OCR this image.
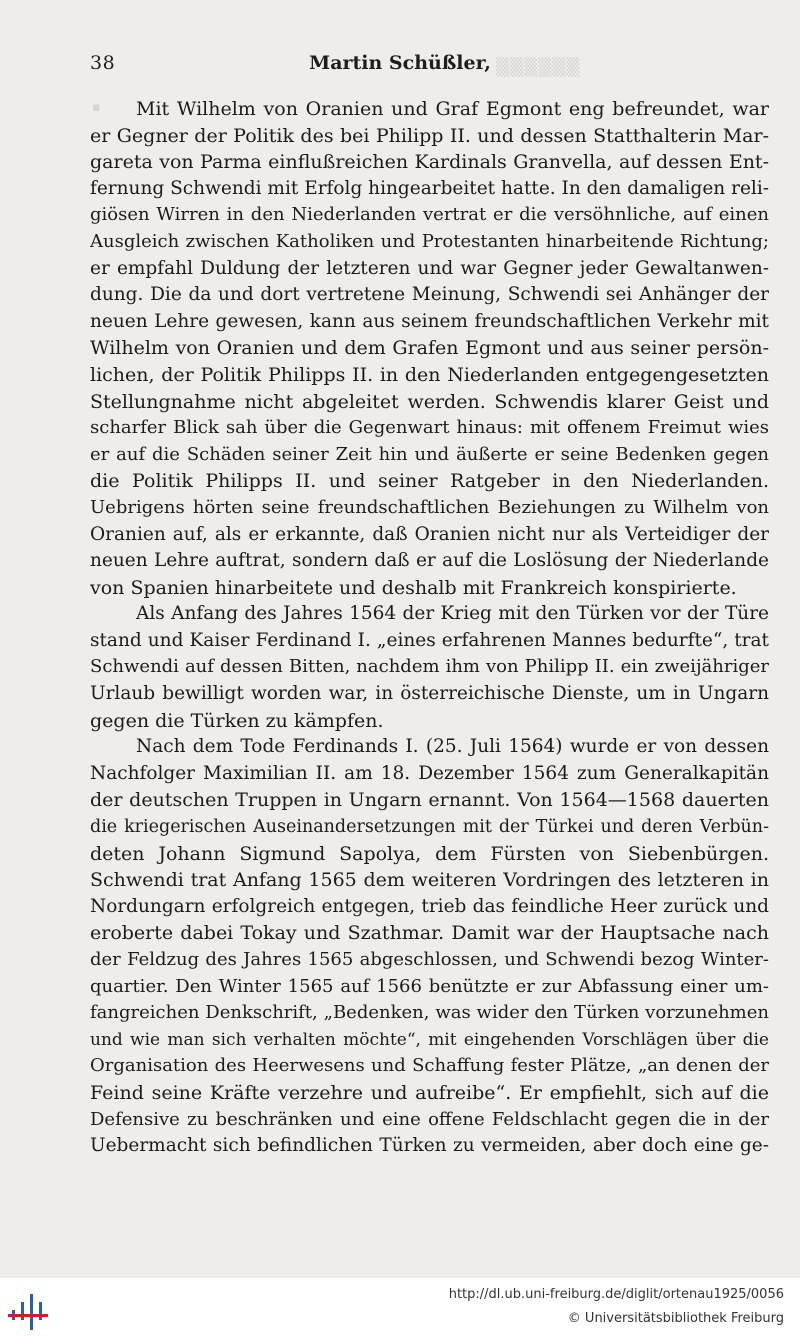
▒▒▒▒▒▒
▪
38	Martin Schüßler,
Mit Wilhelm von Oranien und Graf Egmont eng befreundet, war
er Gegner der Politik des bei Philipp II. und dessen Statthalterin Mar-
gareta von Parma einflußreichen Kardinals Granvella, auf dessen Ent-
fernung Schwendi mit Erfolg hingearbeitet hatte. In den damaligen reli-
giösen Wirren in den Niederlanden vertrat er die versöhnliche, auf einen
Ausgleich zwischen Katholiken und Protestanten hinarbeitende Richtung;
er empfahl Duldung der letzteren und war Gegner jeder Gewaltanwen-
dung. Die da und dort vertretene Meinung, Schwendi sei Anhänger der
neuen Lehre gewesen, kann aus seinem freundschaftlichen Verkehr mit
Wilhelm von Oranien und dem Grafen Egmont und aus seiner persön-
lichen, der Politik Philipps II. in den Niederlanden entgegengesetzten
Stellungnahme nicht abgeleitet werden. Schwendis klarer Geist und
scharfer Blick sah über die Gegenwart hinaus: mit offenem Freimut wies
er auf die Schäden seiner Zeit hin und äußerte er seine Bedenken gegen
die Politik Philipps II. und seiner Ratgeber in den Niederlanden.
Uebrigens hörten seine freundschaftlichen Beziehungen zu Wilhelm von
Oranien auf, als er erkannte, daß Oranien nicht nur als Verteidiger der
neuen Lehre auftrat, sondern daß er auf die Loslösung der Niederlande
von Spanien hinarbeitete und deshalb mit Frankreich konspirierte.
Als Anfang des Jahres 1564 der Krieg mit den Türken vor der Türe
stand und Kaiser Ferdinand I. „eines erfahrenen Mannes bedurfte“, trat
Schwendi auf dessen Bitten, nachdem ihm von Philipp II. ein zweijähriger
Urlaub bewilligt worden war, in österreichische Dienste, um in Ungarn
gegen die Türken zu kämpfen.
Nach dem Tode Ferdinands I. (25. Juli 1564) wurde er von dessen
Nachfolger Maximilian II. am 18. Dezember 1564 zum Generalkapitän
der deutschen Truppen in Ungarn ernannt. Von 1564—1568 dauerten
die kriegerischen Auseinandersetzungen mit der Türkei und deren Verbün-
deten Johann Sigmund Sapolya, dem Fürsten von Siebenbürgen.
Schwendi trat Anfang 1565 dem weiteren Vordringen des letzteren in
Nordungarn erfolgreich entgegen, trieb das feindliche Heer zurück und
eroberte dabei Tokay und Szathmar. Damit war der Hauptsache nach
der Feldzug des Jahres 1565 abgeschlossen, und Schwendi bezog Winter-
quartier. Den Winter 1565 auf 1566 benützte er zur Abfassung einer um-
fangreichen Denkschrift, „Bedenken, was wider den Türken vorzunehmen
und wie man sich verhalten möchte“, mit eingehenden Vorschlägen über die
Organisation des Heerwesens und Schaffung fester Plätze, „an denen der
Feind seine Kräfte verzehre und aufreibe“. Er empfiehlt, sich auf die
Defensive zu beschränken und eine offene Feldschlacht gegen die in der
Uebermacht sich befindlichen Türken zu vermeiden, aber doch eine ge-
http://dl.ub.uni-freiburg.de/diglit/ortenau1925/0056
© Universitätsbibliothek Freiburg
